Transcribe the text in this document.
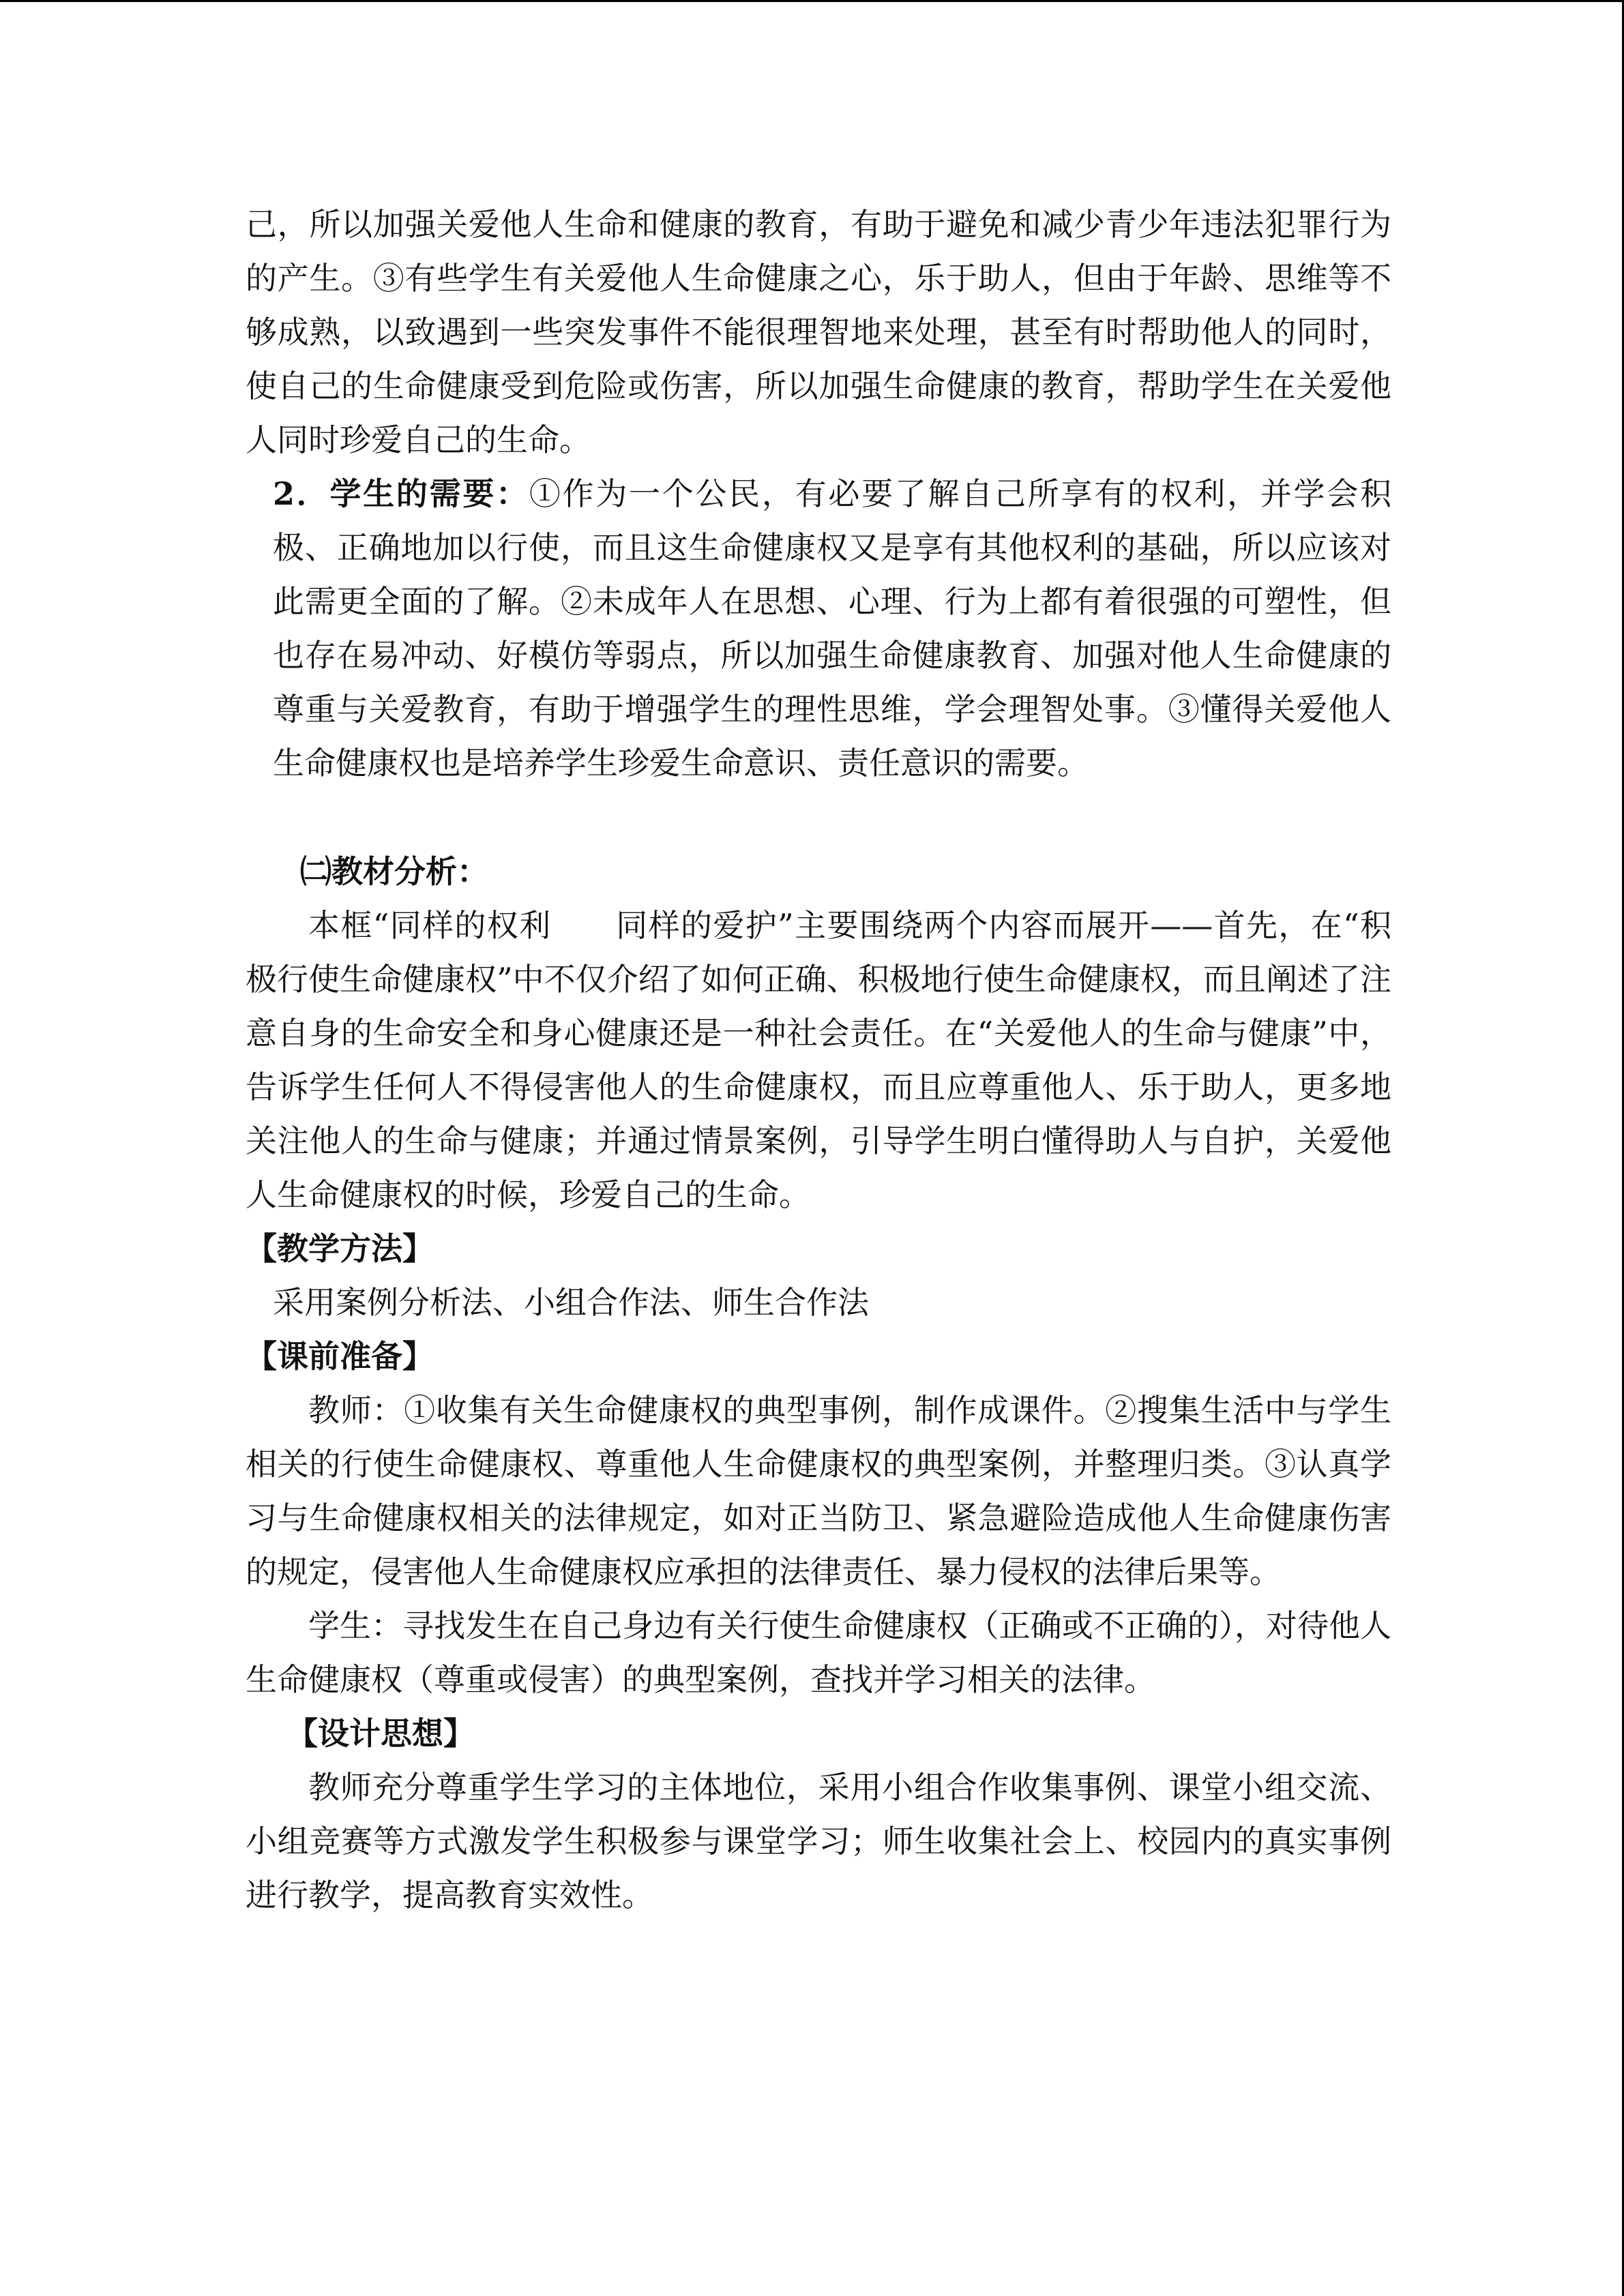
己，所以加强关爱他人生命和健康的教育，有助于避免和减少青少年违法犯罪行为的产生。③有些学生有关爱他人生命健康之心，乐于助人，但由于年龄、思维等不够成熟，以致遇到一些突发事件不能很理智地来处理，甚至有时帮助他人的同时，使自己的生命健康受到危险或伤害，所以加强生命健康的教育，帮助学生在关爱他人同时珍爱自己的生命。

2．学生的需要：①作为一个公民，有必要了解自己所享有的权利，并学会积极、正确地加以行使，而且这生命健康权又是享有其他权利的基础，所以应该对此需更全面的了解。②未成年人在思想、心理、行为上都有着很强的可塑性，但也存在易冲动、好模仿等弱点，所以加强生命健康教育、加强对他人生命健康的尊重与关爱教育，有助于增强学生的理性思维，学会理智处事。③懂得关爱他人生命健康权也是培养学生珍爱生命意识、责任意识的需要。

㈡教材分析：

本框“同样的权利　　同样的爱护”主要围绕两个内容而展开——首先，在“积极行使生命健康权”中不仅介绍了如何正确、积极地行使生命健康权，而且阐述了注意自身的生命安全和身心健康还是一种社会责任。在“关爱他人的生命与健康”中，告诉学生任何人不得侵害他人的生命健康权，而且应尊重他人、乐于助人，更多地关注他人的生命与健康；并通过情景案例，引导学生明白懂得助人与自护，关爱他人生命健康权的时候，珍爱自己的生命。

【教学方法】

采用案例分析法、小组合作法、师生合作法

【课前准备】

教师：①收集有关生命健康权的典型事例，制作成课件。②搜集生活中与学生相关的行使生命健康权、尊重他人生命健康权的典型案例，并整理归类。③认真学习与生命健康权相关的法律规定，如对正当防卫、紧急避险造成他人生命健康伤害的规定，侵害他人生命健康权应承担的法律责任、暴力侵权的法律后果等。

学生：寻找发生在自己身边有关行使生命健康权（正确或不正确的），对待他人生命健康权（尊重或侵害）的典型案例，查找并学习相关的法律。

【设计思想】

教师充分尊重学生学习的主体地位，采用小组合作收集事例、课堂小组交流、小组竞赛等方式激发学生积极参与课堂学习；师生收集社会上、校园内的真实事例进行教学，提高教育实效性。
